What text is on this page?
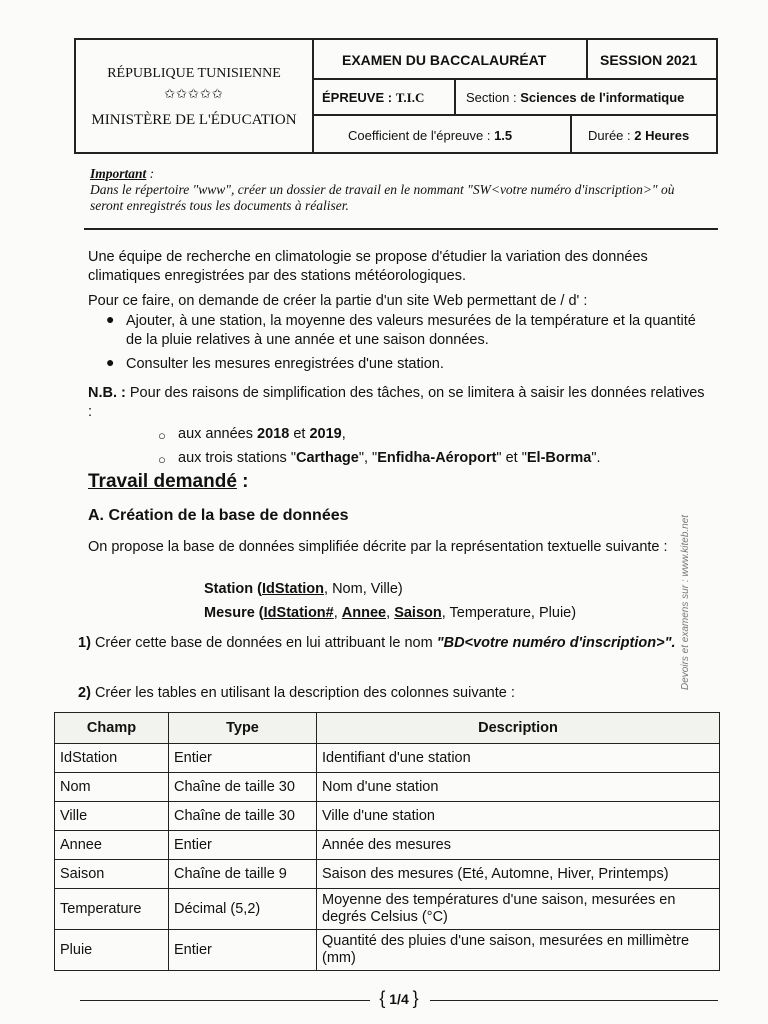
RÉPUBLIQUE TUNISIENNE
✩✩✩✩✩
MINISTÈRE DE L'ÉDUCATION
EXAMEN DU BACCALAURÉAT	SESSION 2021
ÉPREUVE : T.I.C	Section : Sciences de l'informatique
Coefficient de l'épreuve : 1.5	Durée : 2 Heures
Important :
Dans le répertoire "www", créer un dossier de travail en le nommant "SW<votre numéro d'inscription>" où seront enregistrés tous les documents à réaliser.
Une équipe de recherche en climatologie se propose d'étudier la variation des données climatiques enregistrées par des stations météorologiques.
Pour ce faire, on demande de créer la partie d'un site Web permettant de / d' :
● Ajouter, à une station, la moyenne des valeurs mesurées de la température et la quantité de la pluie relatives à une année et une saison données.
● Consulter les mesures enregistrées d'une station.
N.B. : Pour des raisons de simplification des tâches, on se limitera à saisir les données relatives :
○ aux années 2018 et 2019,
○ aux trois stations "Carthage", "Enfidha-Aéroport" et "El-Borma".
Travail demandé :
A. Création de la base de données
On propose la base de données simplifiée décrite par la représentation textuelle suivante :
Station (IdStation, Nom, Ville)
Mesure (IdStation#, Annee, Saison, Temperature, Pluie)
1) Créer cette base de données en lui attribuant le nom "BD<votre numéro d'inscription>".
2) Créer les tables en utilisant la description des colonnes suivante :
Champ	Type	Description
IdStation	Entier	Identifiant d'une station
Nom	Chaîne de taille 30	Nom d'une station
Ville	Chaîne de taille 30	Ville d'une station
Annee	Entier	Année des mesures
Saison	Chaîne de taille 9	Saison des mesures (Eté, Automne, Hiver, Printemps)
Temperature	Décimal (5,2)	Moyenne des températures d'une saison, mesurées en degrés Celsius (°C)
Pluie	Entier	Quantité des pluies d'une saison, mesurées en millimètre (mm)
Devoirs et examens sur : www.kiteb.net
{ 1/4 }
